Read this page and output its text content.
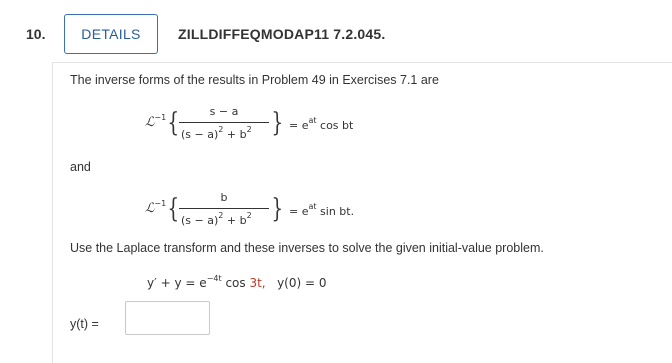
10.	DETAILS	ZILLDIFFEQMODAP11 7.2.045.
The inverse forms of the results in Problem 49 in Exercises 7.1 are
ℒ$^{-1}$ {	s − a
$(s - a)^2 + b^2$ } = $e^{at}$ cos bt
and
ℒ$^{-1}$ {	b
$(s - a)^2 + b^2$ } = $e^{at}$ sin bt.
Use the Laplace transform and these inverses to solve the given initial-value problem.
$y' + y = e^{-4t}$ cos 3t, y(0) = 0
y(t) =
